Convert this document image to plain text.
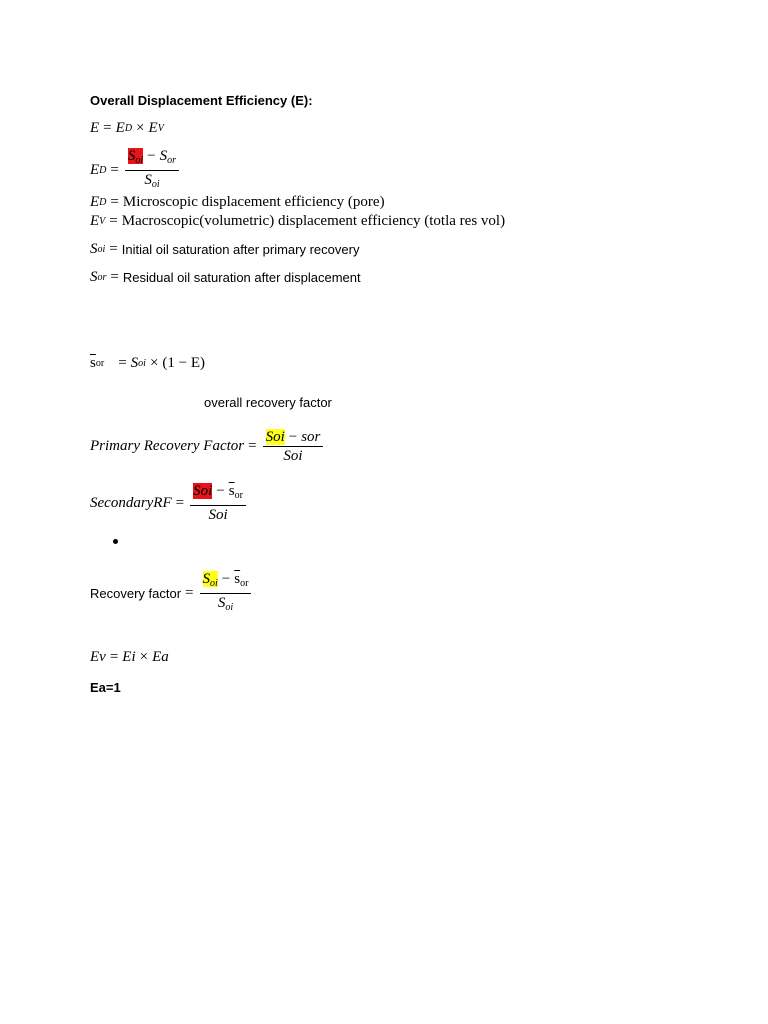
Overall Displacement Efficiency (E):
E = E D × E V
E $D = \frac{S_{oi} - S_{or}}{S_{oi}}$
E D = Microscopic displacement efficiency (pore)
E V = Macroscopic(volumetric) displacement efficiency (totla res vol)
S oi = Initial oil saturation after primary recovery
S or = Residual oil saturation after displacement
$\overline{s}$ or = S oi × (1 − E)
overall recovery factor
Primary Recovery Factor = $\frac{\text{Soi − sor}}{\text{Soi}}$
SecondaryRF = $\frac{Soi - \overline{s}_{or}}{\text{Soi}}$
Recovery factor = $\frac{S_{oi} - \overline{s}_{or}}{S_{oi}}$
Ev = Ei × Ea
Ea=1
